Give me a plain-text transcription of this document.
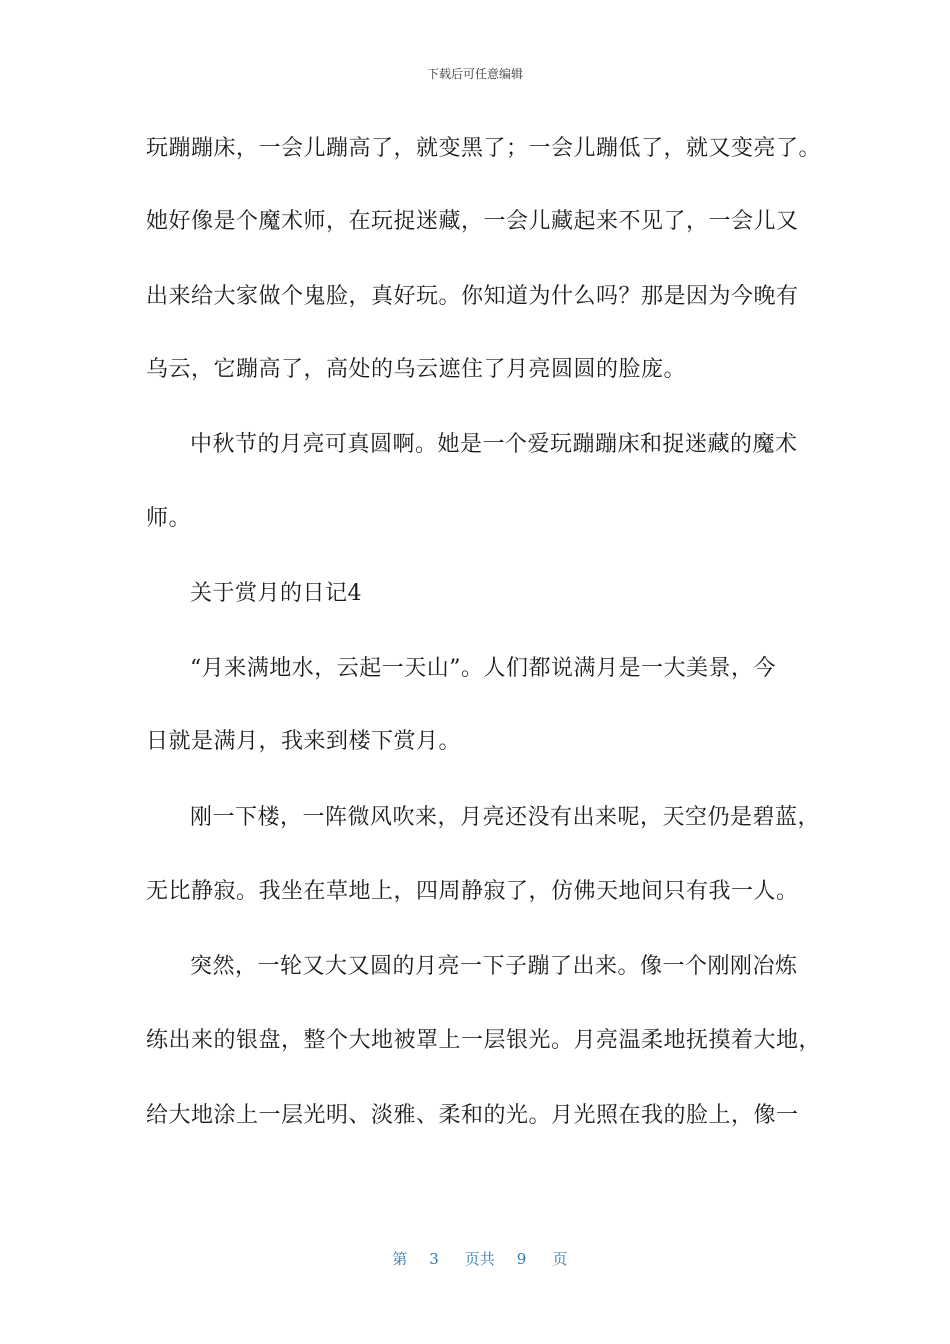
下载后可任意编辑
玩蹦蹦床，一会儿蹦高了，就变黑了；一会儿蹦低了，就又变亮了。
她好像是个魔术师，在玩捉迷藏，一会儿藏起来不见了，一会儿又
出来给大家做个鬼脸，真好玩。你知道为什么吗？那是因为今晚有
乌云，它蹦高了，高处的乌云遮住了月亮圆圆的脸庞。
中秋节的月亮可真圆啊。她是一个爱玩蹦蹦床和捉迷藏的魔术
师。
关于赏月的日记4
“月来满地水，云起一天山”。人们都说满月是一大美景，今
日就是满月，我来到楼下赏月。
刚一下楼，一阵微风吹来，月亮还没有出来呢，天空仍是碧蓝，
无比静寂。我坐在草地上，四周静寂了，仿佛天地间只有我一人。
突然，一轮又大又圆的月亮一下子蹦了出来。像一个刚刚冶炼
练出来的银盘，整个大地被罩上一层银光。月亮温柔地抚摸着大地，
给大地涂上一层光明、淡雅、柔和的光。月光照在我的脸上，像一

第 3 页共 9 页
